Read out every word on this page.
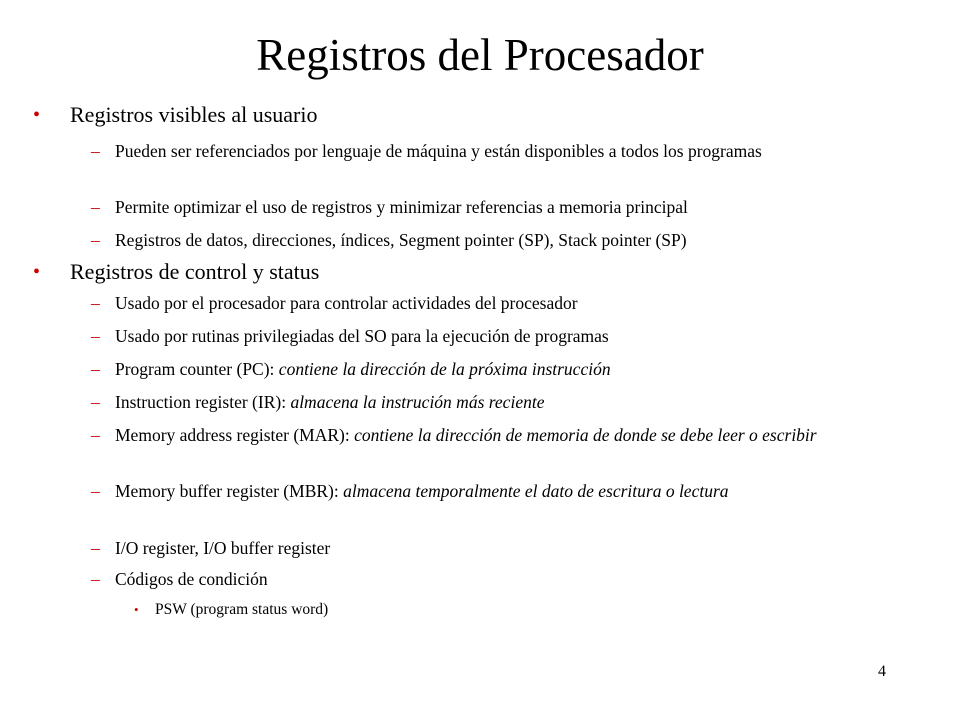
Registros del Procesador
• Registros visibles al usuario
– Pueden ser referenciados por lenguaje de máquina y están disponibles a todos los programas
– Permite optimizar el uso de registros y minimizar referencias a memoria principal
– Registros de datos, direcciones, índices, Segment pointer (SP), Stack pointer (SP)
• Registros de control y status
– Usado por el procesador para controlar actividades del procesador
– Usado por rutinas privilegiadas del SO para la ejecución de programas
– Program counter (PC): contiene la dirección de la próxima instrucción
– Instruction register (IR): almacena la instrución más reciente
– Memory address register (MAR): contiene la dirección de memoria de donde se debe leer o escribir
– Memory buffer register (MBR): almacena temporalmente el dato de escritura o lectura
– I/O register, I/O buffer register
– Códigos de condición
• PSW (program status word)
4
